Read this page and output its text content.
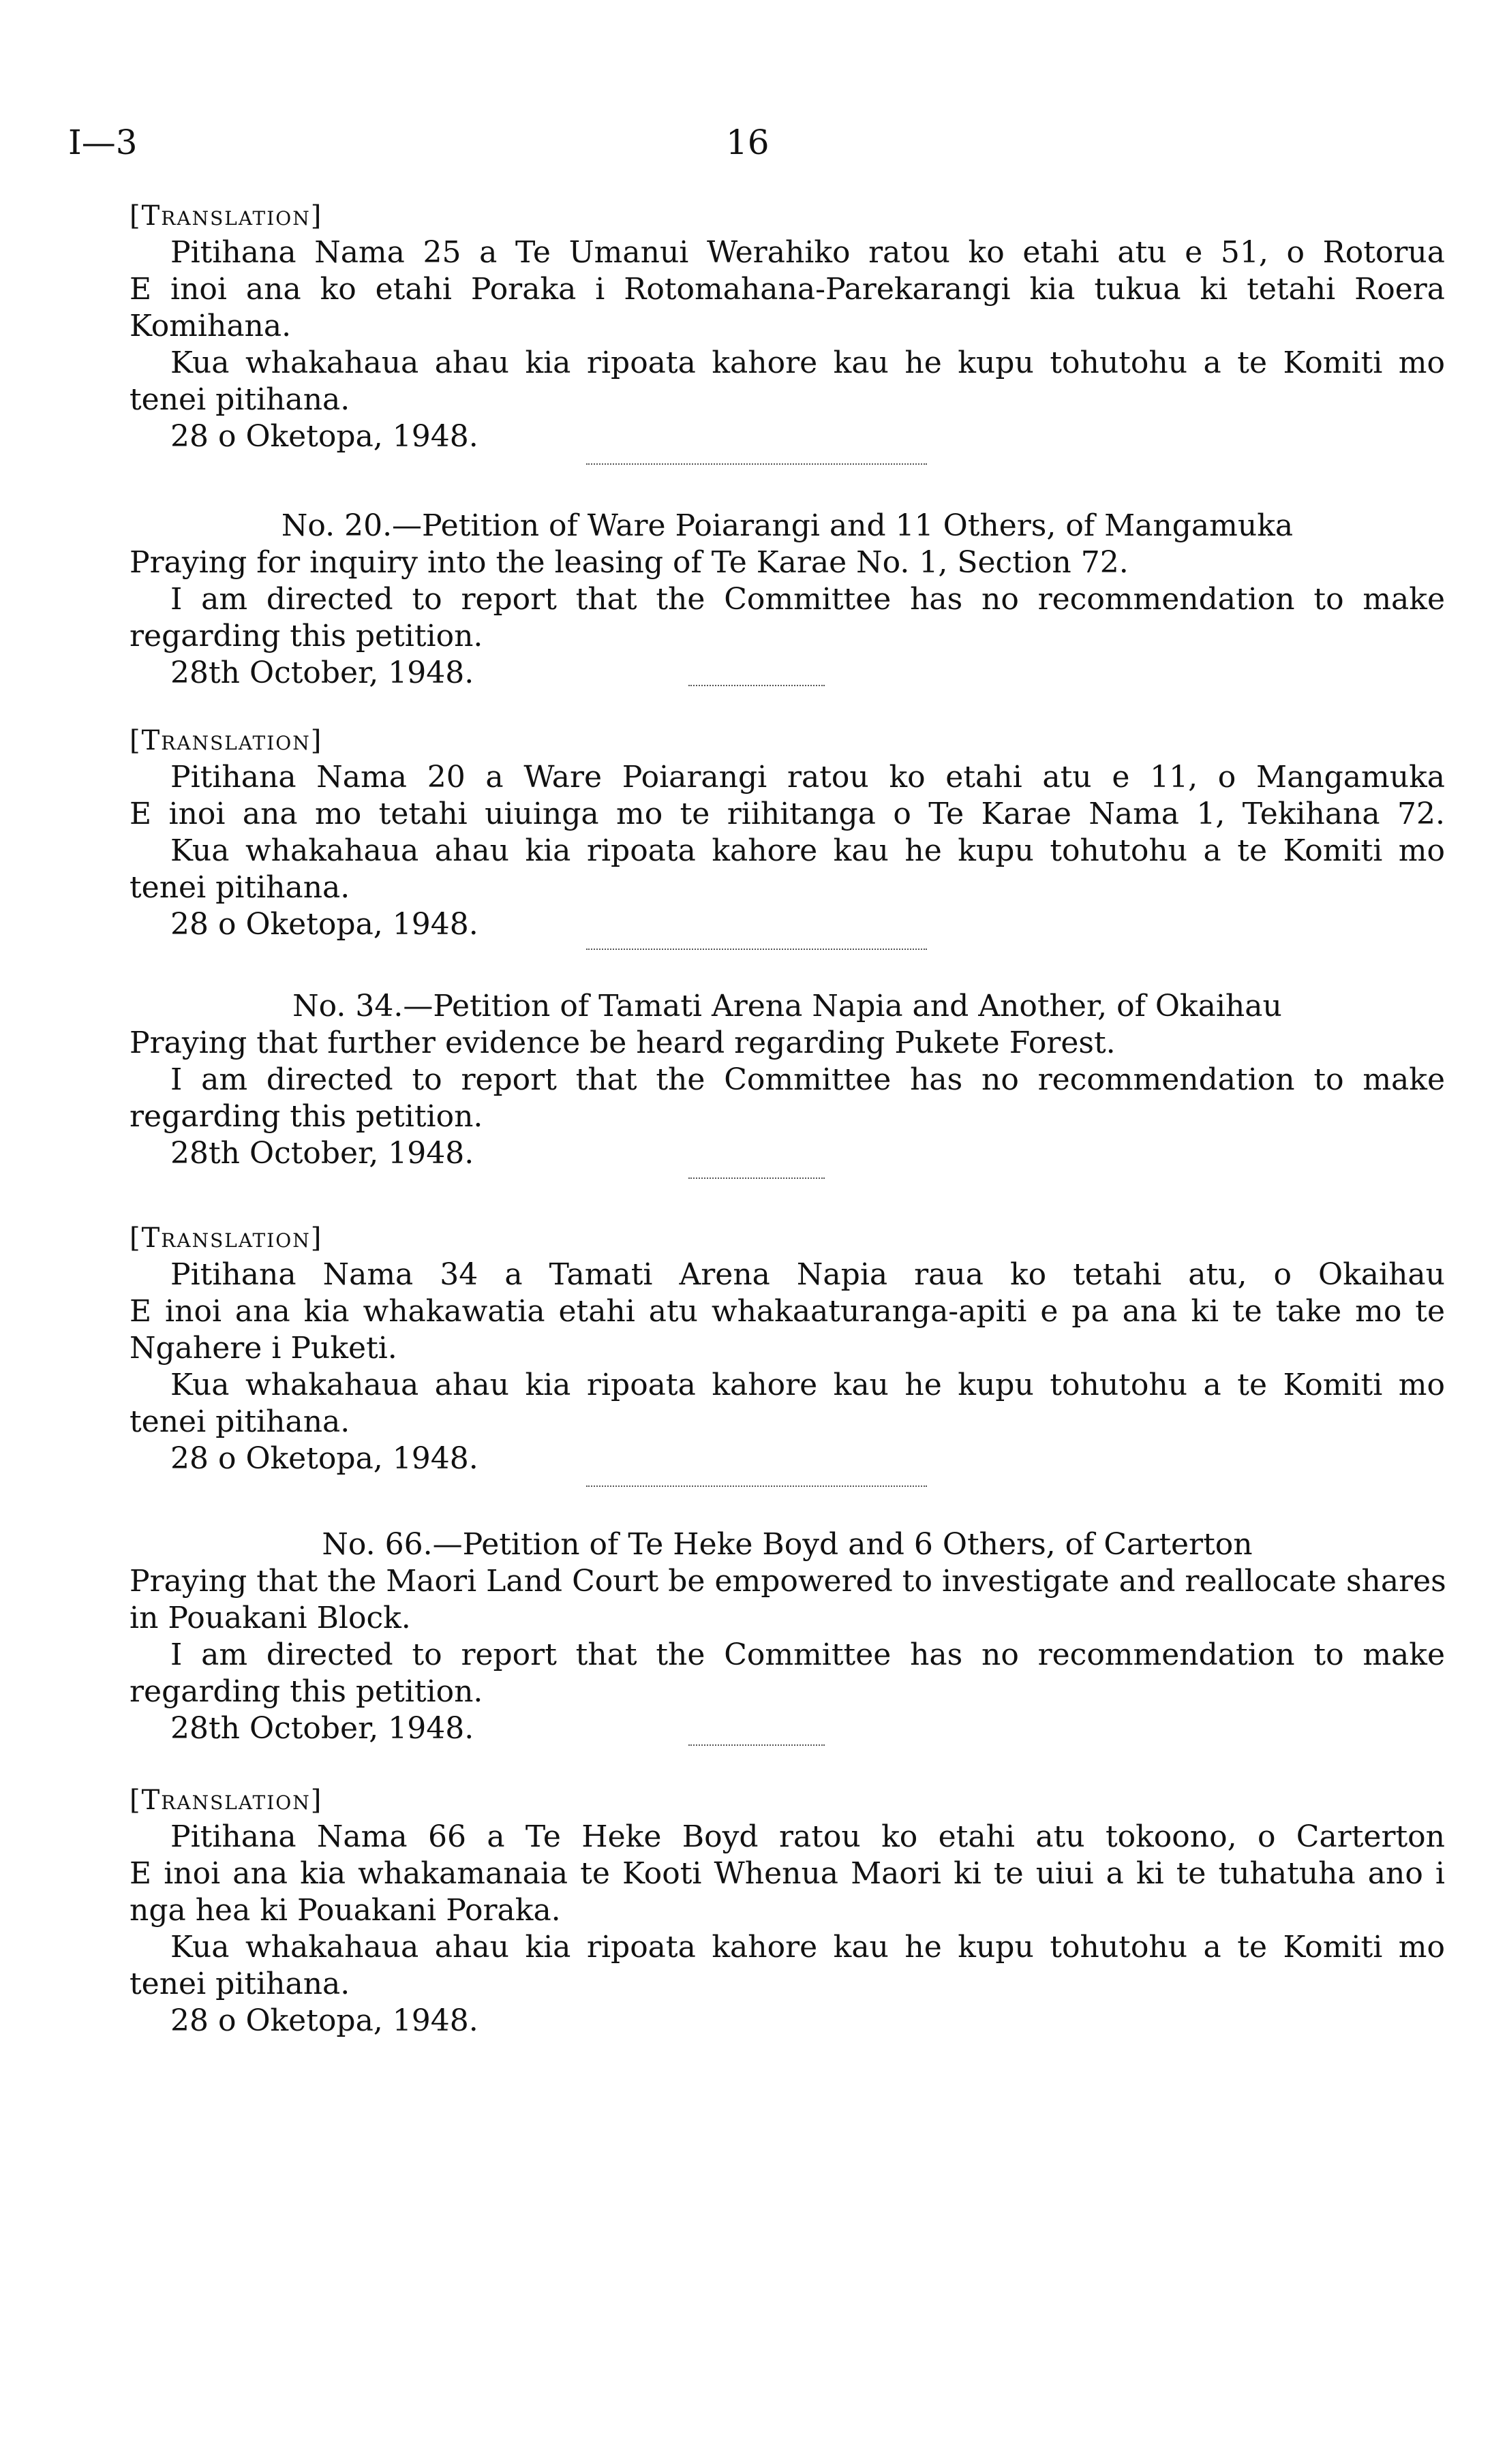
I—3	16

[Translation]

Pitihana Nama 25 a Te Umanui Werahiko ratou ko etahi atu e 51, o Rotorua

E inoi ana ko etahi Poraka i Rotomahana-Parekarangi kia tukua ki tetahi Roera

Komihana.

Kua whakahaua ahau kia ripoata kahore kau he kupu tohutohu a te Komiti mo

tenei pitihana.

28 o Oketopa, 1948.

No. 20.—Petition of Ware Poiarangi and 11 Others, of Mangamuka

Praying for inquiry into the leasing of Te Karae No. 1, Section 72.

I am directed to report that the Committee has no recommendation to make

regarding this petition.

28th October, 1948.

[Translation]

Pitihana Nama 20 a Ware Poiarangi ratou ko etahi atu e 11, o Mangamuka

E inoi ana mo tetahi uiuinga mo te riihitanga o Te Karae Nama 1, Tekihana 72.

Kua whakahaua ahau kia ripoata kahore kau he kupu tohutohu a te Komiti mo

tenei pitihana.

28 o Oketopa, 1948.

No. 34.—Petition of Tamati Arena Napia and Another, of Okaihau

Praying that further evidence be heard regarding Pukete Forest.

I am directed to report that the Committee has no recommendation to make

regarding this petition.

28th October, 1948.

[Translation]

Pitihana Nama 34 a Tamati Arena Napia raua ko tetahi atu, o Okaihau

E inoi ana kia whakawatia etahi atu whakaaturanga-apiti e pa ana ki te take mo te

Ngahere i Puketi.

Kua whakahaua ahau kia ripoata kahore kau he kupu tohutohu a te Komiti mo

tenei pitihana.

28 o Oketopa, 1948.

No. 66.—Petition of Te Heke Boyd and 6 Others, of Carterton

Praying that the Maori Land Court be empowered to investigate and reallocate shares

in Pouakani Block.

I am directed to report that the Committee has no recommendation to make

regarding this petition.

28th October, 1948.

[Translation]

Pitihana Nama 66 a Te Heke Boyd ratou ko etahi atu tokoono, o Carterton

E inoi ana kia whakamanaia te Kooti Whenua Maori ki te uiui a ki te tuhatuha ano i

nga hea ki Pouakani Poraka.

Kua whakahaua ahau kia ripoata kahore kau he kupu tohutohu a te Komiti mo

tenei pitihana.

28 o Oketopa, 1948.
